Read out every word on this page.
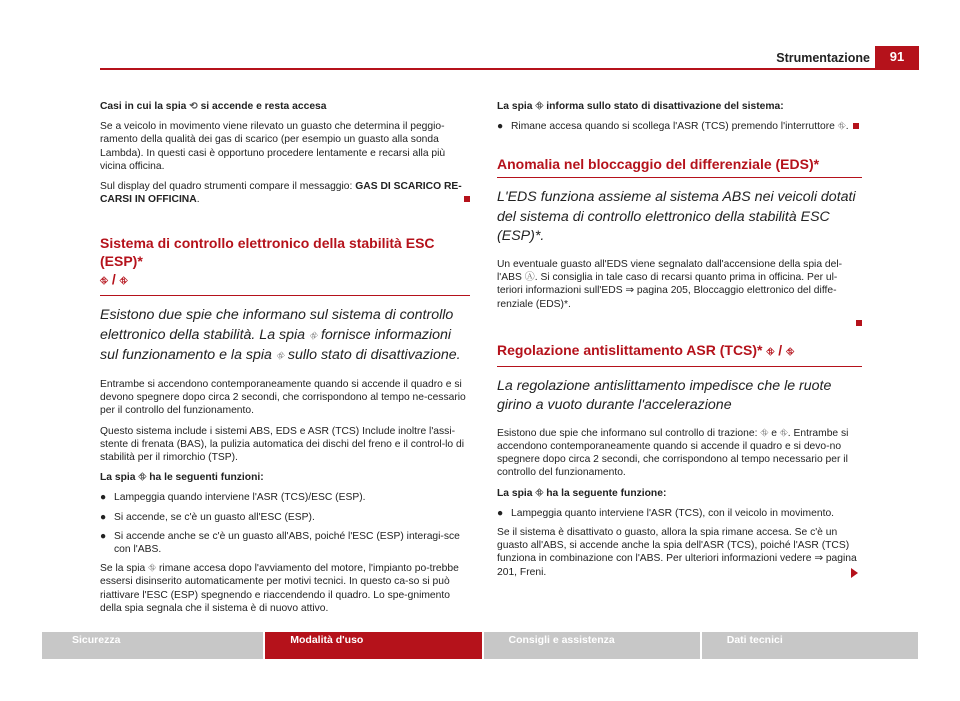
Strumentazione	91

Casi in cui la spia ⟲ si accende e resta accesa

Se a veicolo in movimento viene rilevato un guasto che determina il peggio-ramento della qualità dei gas di scarico (per esempio un guasto alla sonda Lambda). In questi casi è opportuno procedere lentamente e recarsi alla più vicina officina.

Sul display del quadro strumenti compare il messaggio: GAS DI SCARICO RE-CARSI IN OFFICINA.

Sistema di controllo elettronico della stabilità ESC (ESP)*
⛗ / ⛗

Esistono due spie che informano sul sistema di controllo elettronico della stabilità. La spia ⛗ fornisce informazioni sul funzionamento e la spia ⛗ sullo stato di disattivazione.

Entrambe si accendono contemporaneamente quando si accende il quadro e si devono spegnere dopo circa 2 secondi, che corrispondono al tempo ne-cessario per il controllo del funzionamento.

Questo sistema include i sistemi ABS, EDS e ASR (TCS) Include inoltre l'assi-stente di frenata (BAS), la pulizia automatica dei dischi del freno e il control-lo di stabilità per il rimorchio (TSP).

La spia ⛗ ha le seguenti funzioni:

● Lampeggia quando interviene l'ASR (TCS)/ESC (ESP).
● Si accende, se c'è un guasto all'ESC (ESP).
● Si accende anche se c'è un guasto all'ABS, poiché l'ESC (ESP) interagi-sce con l'ABS.

Se la spia ⛗ rimane accesa dopo l'avviamento del motore, l'impianto po-trebbe essersi disinserito automaticamente per motivi tecnici. In questo ca-so si può riattivare l'ESC (ESP) spegnendo e riaccendendo il quadro. Lo spe-gnimento della spia segnala che il sistema è di nuovo attivo.

La spia ⛗ informa sullo stato di disattivazione del sistema:

● Rimane accesa quando si scollega l'ASR (TCS) premendo l'interruttore ⛗.
Anomalia nel bloccaggio del differenziale (EDS)*

L'EDS funziona assieme al sistema ABS nei veicoli dotati del sistema di controllo elettronico della stabilità ESC (ESP)*.

Un eventuale guasto all'EDS viene segnalato dall'accensione della spia del-l'ABS Ⓐ. Si consiglia in tale caso di recarsi quanto prima in officina. Per ul-teriori informazioni sull'EDS ⇒ pagina 205, Bloccaggio elettronico del diffe-renziale (EDS)*.

Regolazione antislittamento ASR (TCS)* ⛗ / ⛗

La regolazione antislittamento impedisce che le ruote girino a vuoto durante l'accelerazione

Esistono due spie che informano sul controllo di trazione: ⛗ e ⛗. Entrambe si accendono contemporaneamente quando si accende il quadro e si devo-no spegnere dopo circa 2 secondi, che corrispondono al tempo necessario per il controllo del funzionamento.

La spia ⛗ ha la seguente funzione:

● Lampeggia quanto interviene l'ASR (TCS), con il veicolo in movimento.

Se il sistema è disattivato o guasto, allora la spia rimane accesa. Se c'è un guasto all'ABS, si accende anche la spia dell'ASR (TCS), poiché l'ASR (TCS) funziona in combinazione con l'ABS. Per ulteriori informazioni vedere ⇒ pagina 201, Freni.

Sicurezza	Modalità d'uso	Consigli e assistenza	Dati tecnici
